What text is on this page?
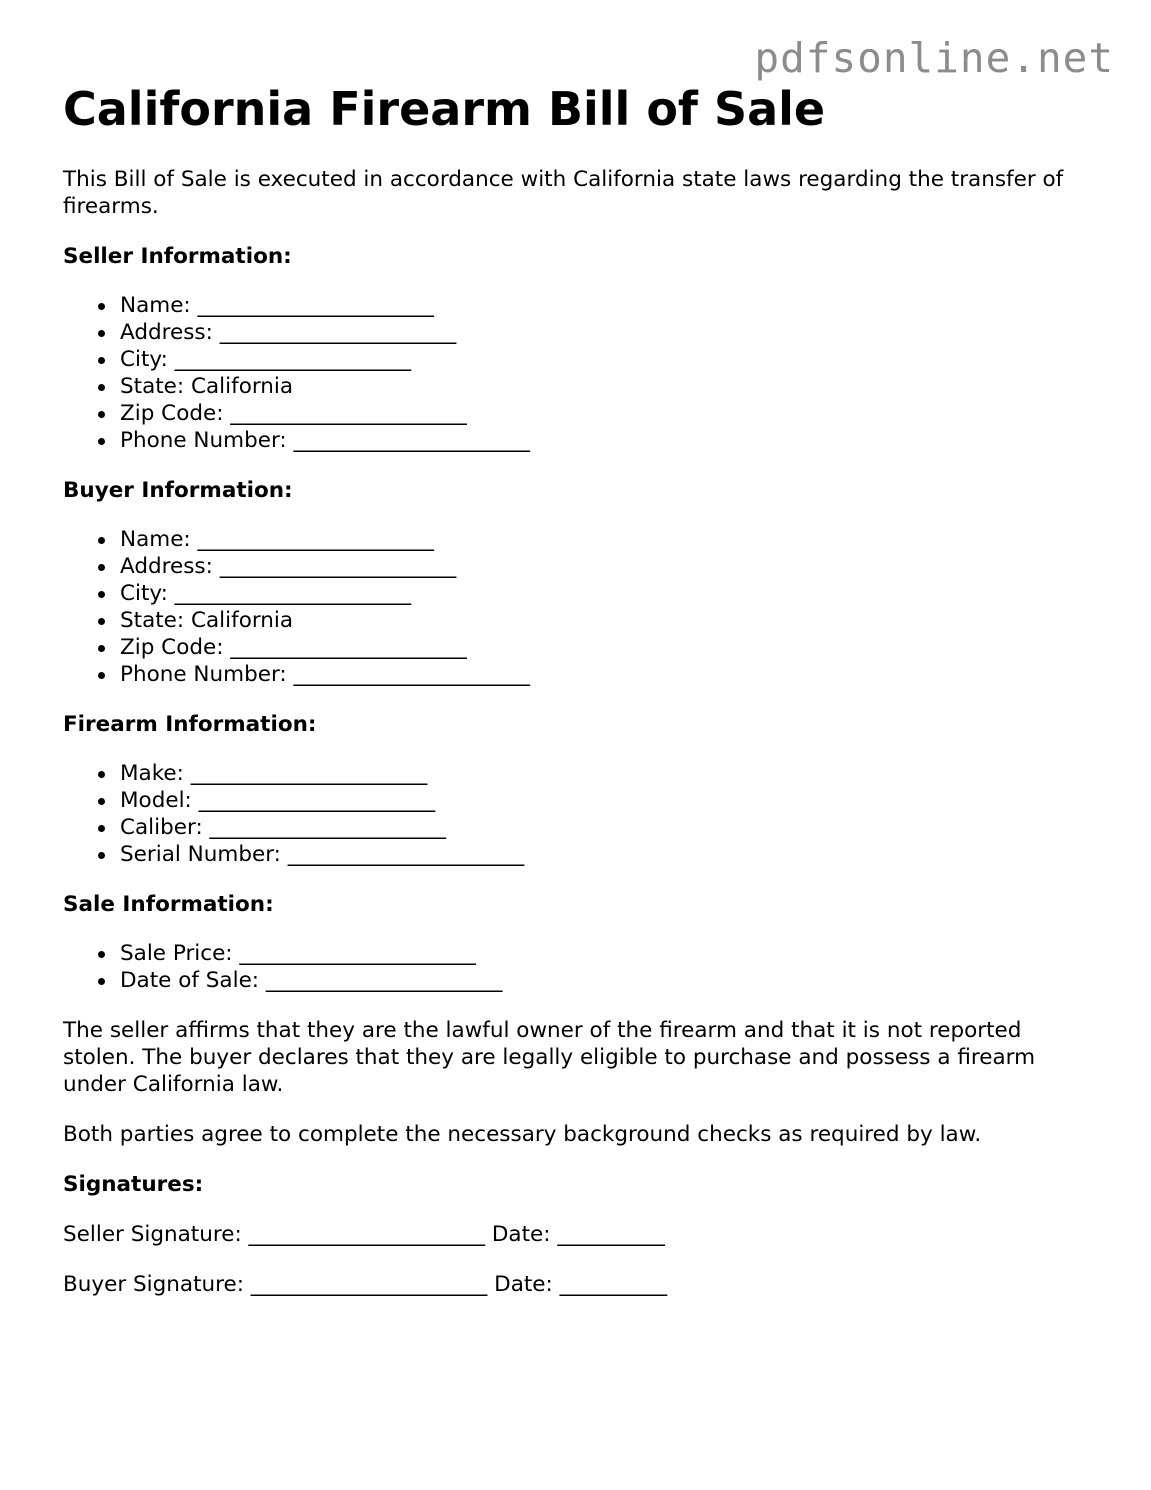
pdfsonline.net
California Firearm Bill of Sale

This Bill of Sale is executed in accordance with California state laws regarding the transfer of firearms.

Seller Information:
Name: ______________________
Address: ______________________
City: ______________________
State: California
Zip Code: ______________________
Phone Number: ______________________
Buyer Information:
Name: ______________________
Address: ______________________
City: ______________________
State: California
Zip Code: ______________________
Phone Number: ______________________
Firearm Information:
Make: ______________________
Model: ______________________
Caliber: ______________________
Serial Number: ______________________
Sale Information:
Sale Price: ______________________
Date of Sale: ______________________

The seller affirms that they are the lawful owner of the firearm and that it is not reported stolen. The buyer declares that they are legally eligible to purchase and possess a firearm under California law.

Both parties agree to complete the necessary background checks as required by law.

Signatures:

Seller Signature: ______________________ Date: __________

Buyer Signature: ______________________ Date: __________
